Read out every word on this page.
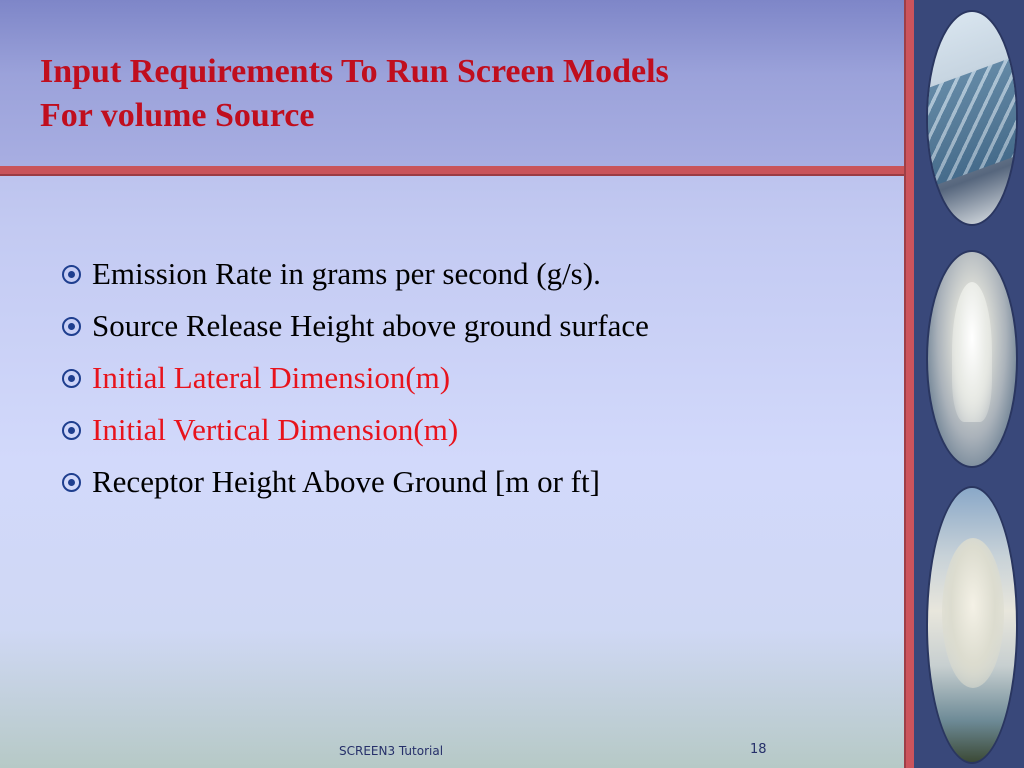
Input Requirements To Run Screen Models
For volume Source
Emission Rate in grams per second (g/s).
Source Release Height above ground surface
Initial Lateral Dimension(m)
Initial Vertical Dimension(m)
Receptor Height Above Ground [m or ft]
SCREEN3 Tutorial	18
